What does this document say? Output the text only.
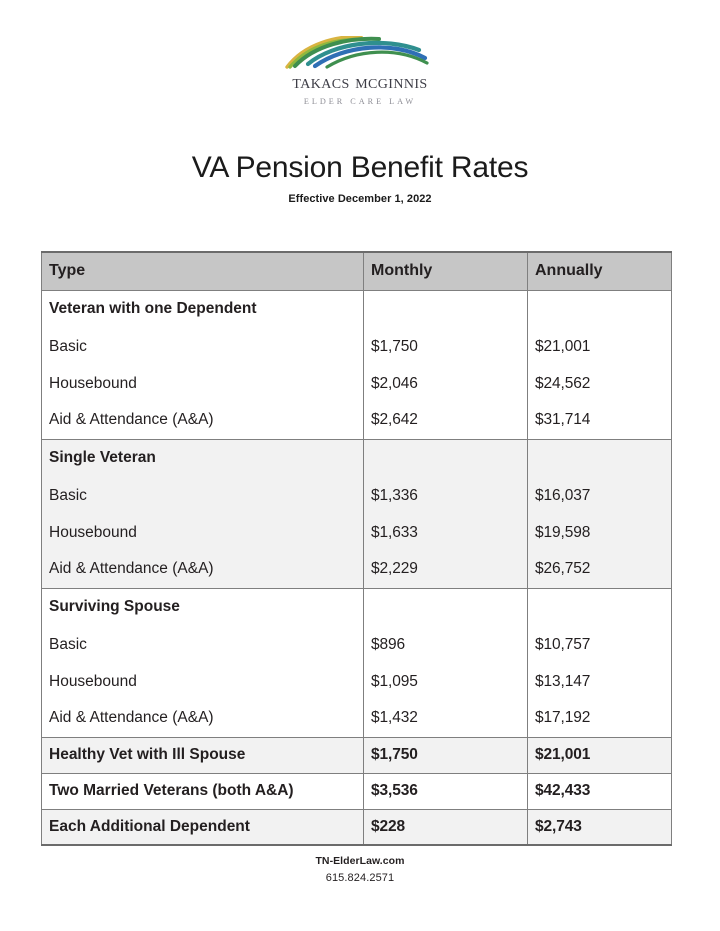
takacs mcginnis
ELDER CARE LAW
VA Pension Benefit Rates
Effective December 1, 2022
Type	Monthly	Annually
Veteran with one Dependent		
Basic	$1,750	$21,001
Housebound	$2,046	$24,562
Aid & Attendance (A&A)	$2,642	$31,714
Single Veteran		
Basic	$1,336	$16,037
Housebound	$1,633	$19,598
Aid & Attendance (A&A)	$2,229	$26,752
Surviving Spouse		
Basic	$896	$10,757
Housebound	$1,095	$13,147
Aid & Attendance (A&A)	$1,432	$17,192
Healthy Vet with Ill Spouse	$1,750	$21,001
Two Married Veterans (both A&A)	$3,536	$42,433
Each Additional Dependent	$228	$2,743
TN-ElderLaw.com
615.824.2571
